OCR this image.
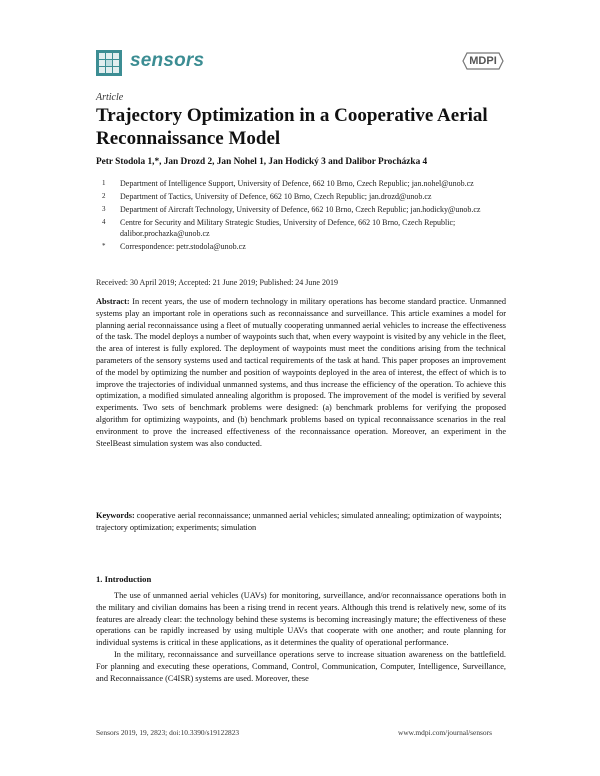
sensors	MDPI
Article
Trajectory Optimization in a Cooperative Aerial Reconnaissance Model
Petr Stodola 1,*, Jan Drozd 2, Jan Nohel 1, Jan Hodický 3 and Dalibor Procházka 4
1 Department of Intelligence Support, University of Defence, 662 10 Brno, Czech Republic; jan.nohel@unob.cz
2 Department of Tactics, University of Defence, 662 10 Brno, Czech Republic; jan.drozd@unob.cz
3 Department of Aircraft Technology, University of Defence, 662 10 Brno, Czech Republic; jan.hodicky@unob.cz
4 Centre for Security and Military Strategic Studies, University of Defence, 662 10 Brno, Czech Republic; dalibor.prochazka@unob.cz
* Correspondence: petr.stodola@unob.cz
Received: 30 April 2019; Accepted: 21 June 2019; Published: 24 June 2019
Abstract: In recent years, the use of modern technology in military operations has become standard practice. Unmanned systems play an important role in operations such as reconnaissance and surveillance. This article examines a model for planning aerial reconnaissance using a fleet of mutually cooperating unmanned aerial vehicles to increase the effectiveness of the task. The model deploys a number of waypoints such that, when every waypoint is visited by any vehicle in the fleet, the area of interest is fully explored. The deployment of waypoints must meet the conditions arising from the technical parameters of the sensory systems used and tactical requirements of the task at hand. This paper proposes an improvement of the model by optimizing the number and position of waypoints deployed in the area of interest, the effect of which is to improve the trajectories of individual unmanned systems, and thus increase the efficiency of the operation. To achieve this optimization, a modified simulated annealing algorithm is proposed. The improvement of the model is verified by several experiments. Two sets of benchmark problems were designed: (a) benchmark problems for verifying the proposed algorithm for optimizing waypoints, and (b) benchmark problems based on typical reconnaissance scenarios in the real environment to prove the increased effectiveness of the reconnaissance operation. Moreover, an experiment in the SteelBeast simulation system was also conducted.
Keywords: cooperative aerial reconnaissance; unmanned aerial vehicles; simulated annealing; optimization of waypoints; trajectory optimization; experiments; simulation
1. Introduction

The use of unmanned aerial vehicles (UAVs) for monitoring, surveillance, and/or reconnaissance operations both in the military and civilian domains has been a rising trend in recent years. Although this trend is relatively new, some of its features are already clear: the technology behind these systems is becoming increasingly mature; the effectiveness of these operations can be rapidly increased by using multiple UAVs that cooperate with one another; and route planning for individual systems is critical in these applications, as it determines the quality of operational performance.

In the military, reconnaissance and surveillance operations serve to increase situation awareness on the battlefield. For planning and executing these operations, Command, Control, Communication, Computer, Intelligence, Surveillance, and Reconnaissance (C4ISR) systems are used. Moreover, these

Sensors 2019, 19, 2823; doi:10.3390/s19122823	www.mdpi.com/journal/sensors
